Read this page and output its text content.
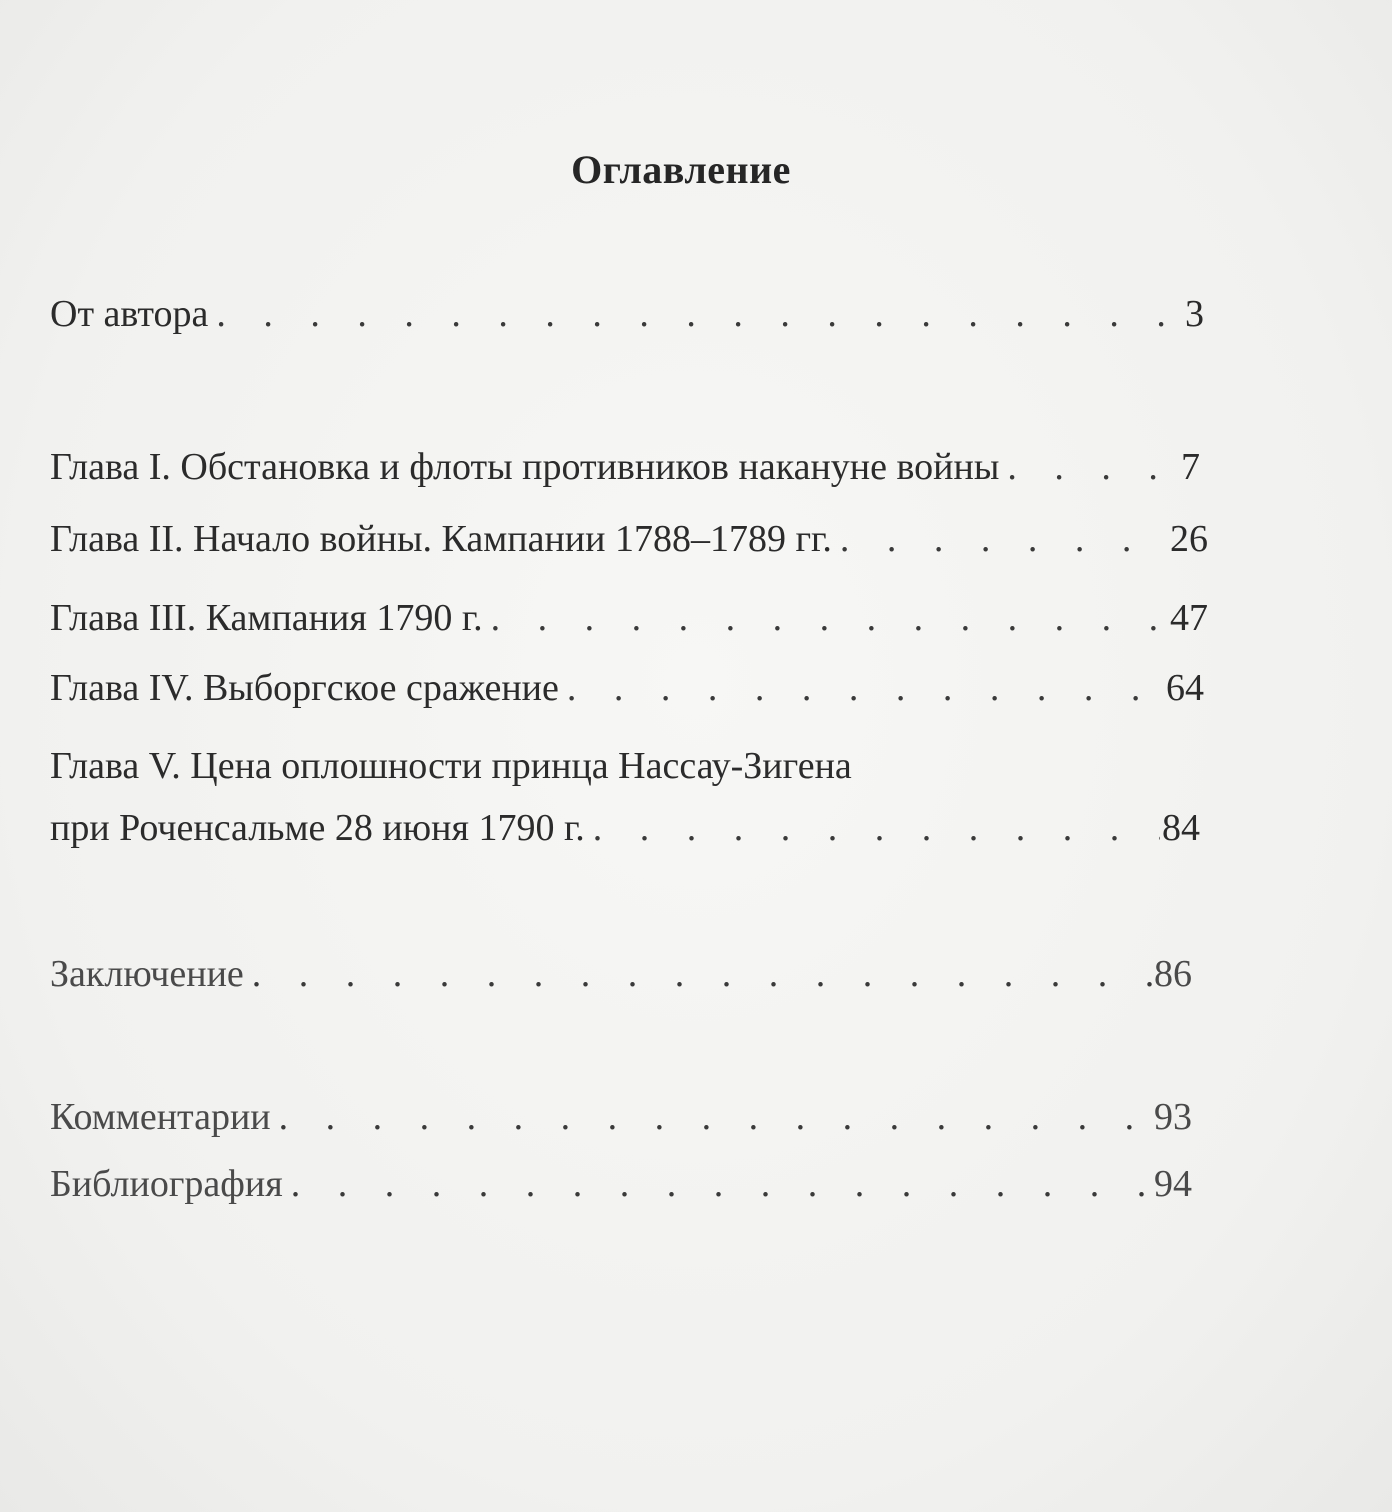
Оглавление
От автора . . .	3
Глава I. Обстановка и флоты противников накануне войны . . .	7
Глава II. Начало войны. Кампании 1788–1789 гг. . . .	26
Глава III. Кампания 1790 г. . . .	47
Глава IV. Выборгское сражение . . .	64
Глава V. Цена оплошности принца Нассау-Зигена
при Роченсальме 28 июня 1790 г. . . .	84
Заключение . . .	86
Комментарии . . .	93
Библиография . . .	94
